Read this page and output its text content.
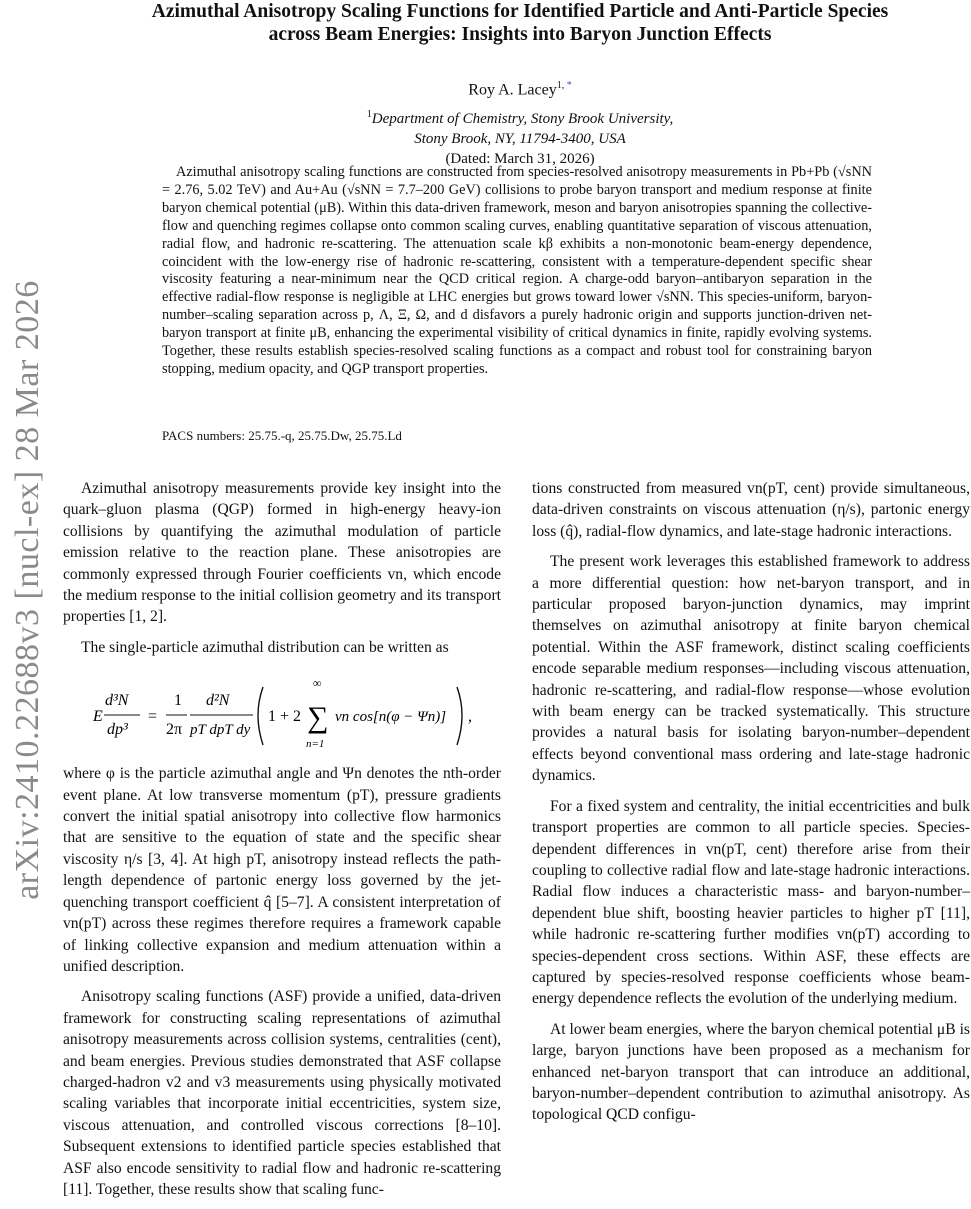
arXiv:2410.22688v3 [nucl-ex] 28 Mar 2026
Azimuthal Anisotropy Scaling Functions for Identified Particle and Anti-Particle Species
across Beam Energies: Insights into Baryon Junction Effects
Roy A. Lacey$^{1, *}$
$^1$Department of Chemistry, Stony Brook University,
Stony Brook, NY, 11794-3400, USA
(Dated: March 31, 2026)
Azimuthal anisotropy scaling functions are constructed from species-resolved anisotropy measurements in Pb+Pb (√sNN = 2.76, 5.02 TeV) and Au+Au (√sNN = 7.7–200 GeV) collisions to probe baryon transport and medium response at finite baryon chemical potential (μB). Within this data-driven framework, meson and baryon anisotropies spanning the collective-flow and quenching regimes collapse onto common scaling curves, enabling quantitative separation of viscous attenuation, radial flow, and hadronic re-scattering. The attenuation scale kβ exhibits a non-monotonic beam-energy dependence, coincident with the low-energy rise of hadronic re-scattering, consistent with a temperature-dependent specific shear viscosity featuring a near-minimum near the QCD critical region. A charge-odd baryon–antibaryon separation in the effective radial-flow response is negligible at LHC energies but grows toward lower √sNN. This species-uniform, baryon-number–scaling separation across p, Λ, Ξ, Ω, and d disfavors a purely hadronic origin and supports junction-driven net-baryon transport at finite μB, enhancing the experimental visibility of critical dynamics in finite, rapidly evolving systems. Together, these results establish species-resolved scaling functions as a compact and robust tool for constraining baryon stopping, medium opacity, and QGP transport properties.
PACS numbers: 25.75.-q, 25.75.Dw, 25.75.Ld

Azimuthal anisotropy measurements provide key insight into the quark–gluon plasma (QGP) formed in high-energy heavy-ion collisions by quantifying the azimuthal modulation of particle emission relative to the reaction plane. These anisotropies are commonly expressed through Fourier coefficients vn, which encode the medium response to the initial collision geometry and its transport properties [1, 2].

The single-particle azimuthal distribution can be written as

E
d³N
dp³
=
1
2π
d²N
pT dpT dy
1 + 2
∞
∑
n=1
vn cos[n(φ − Ψn)] ,

where φ is the particle azimuthal angle and Ψn denotes the nth-order event plane. At low transverse momentum (pT), pressure gradients convert the initial spatial anisotropy into collective flow harmonics that are sensitive to the equation of state and the specific shear viscosity η/s [3, 4]. At high pT, anisotropy instead reflects the path-length dependence of partonic energy loss governed by the jet-quenching transport coefficient q̂ [5–7]. A consistent interpretation of vn(pT) across these regimes therefore requires a framework capable of linking collective expansion and medium attenuation within a unified description.

Anisotropy scaling functions (ASF) provide a unified, data-driven framework for constructing scaling representations of azimuthal anisotropy measurements across collision systems, centralities (cent), and beam energies. Previous studies demonstrated that ASF collapse charged-hadron v2 and v3 measurements using physically motivated scaling variables that incorporate initial eccentricities, system size, viscous attenuation, and controlled viscous corrections [8–10]. Subsequent extensions to identified particle species established that ASF also encode sensitivity to radial flow and hadronic re-scattering [11]. Together, these results show that scaling func-

tions constructed from measured vn(pT, cent) provide simultaneous, data-driven constraints on viscous attenuation (η/s), partonic energy loss (q̂), radial-flow dynamics, and late-stage hadronic interactions.

The present work leverages this established framework to address a more differential question: how net-baryon transport, and in particular proposed baryon-junction dynamics, may imprint themselves on azimuthal anisotropy at finite baryon chemical potential. Within the ASF framework, distinct scaling coefficients encode separable medium responses—including viscous attenuation, hadronic re-scattering, and radial-flow response—whose evolution with beam energy can be tracked systematically. This structure provides a natural basis for isolating baryon-number–dependent effects beyond conventional mass ordering and late-stage hadronic dynamics.

For a fixed system and centrality, the initial eccentricities and bulk transport properties are common to all particle species. Species-dependent differences in vn(pT, cent) therefore arise from their coupling to collective radial flow and late-stage hadronic interactions. Radial flow induces a characteristic mass- and baryon-number–dependent blue shift, boosting heavier particles to higher pT [11], while hadronic re-scattering further modifies vn(pT) according to species-dependent cross sections. Within ASF, these effects are captured by species-resolved response coefficients whose beam-energy dependence reflects the evolution of the underlying medium.

At lower beam energies, where the baryon chemical potential μB is large, baryon junctions have been proposed as a mechanism for enhanced net-baryon transport that can introduce an additional, baryon-number–dependent contribution to azimuthal anisotropy. As topological QCD configu-
